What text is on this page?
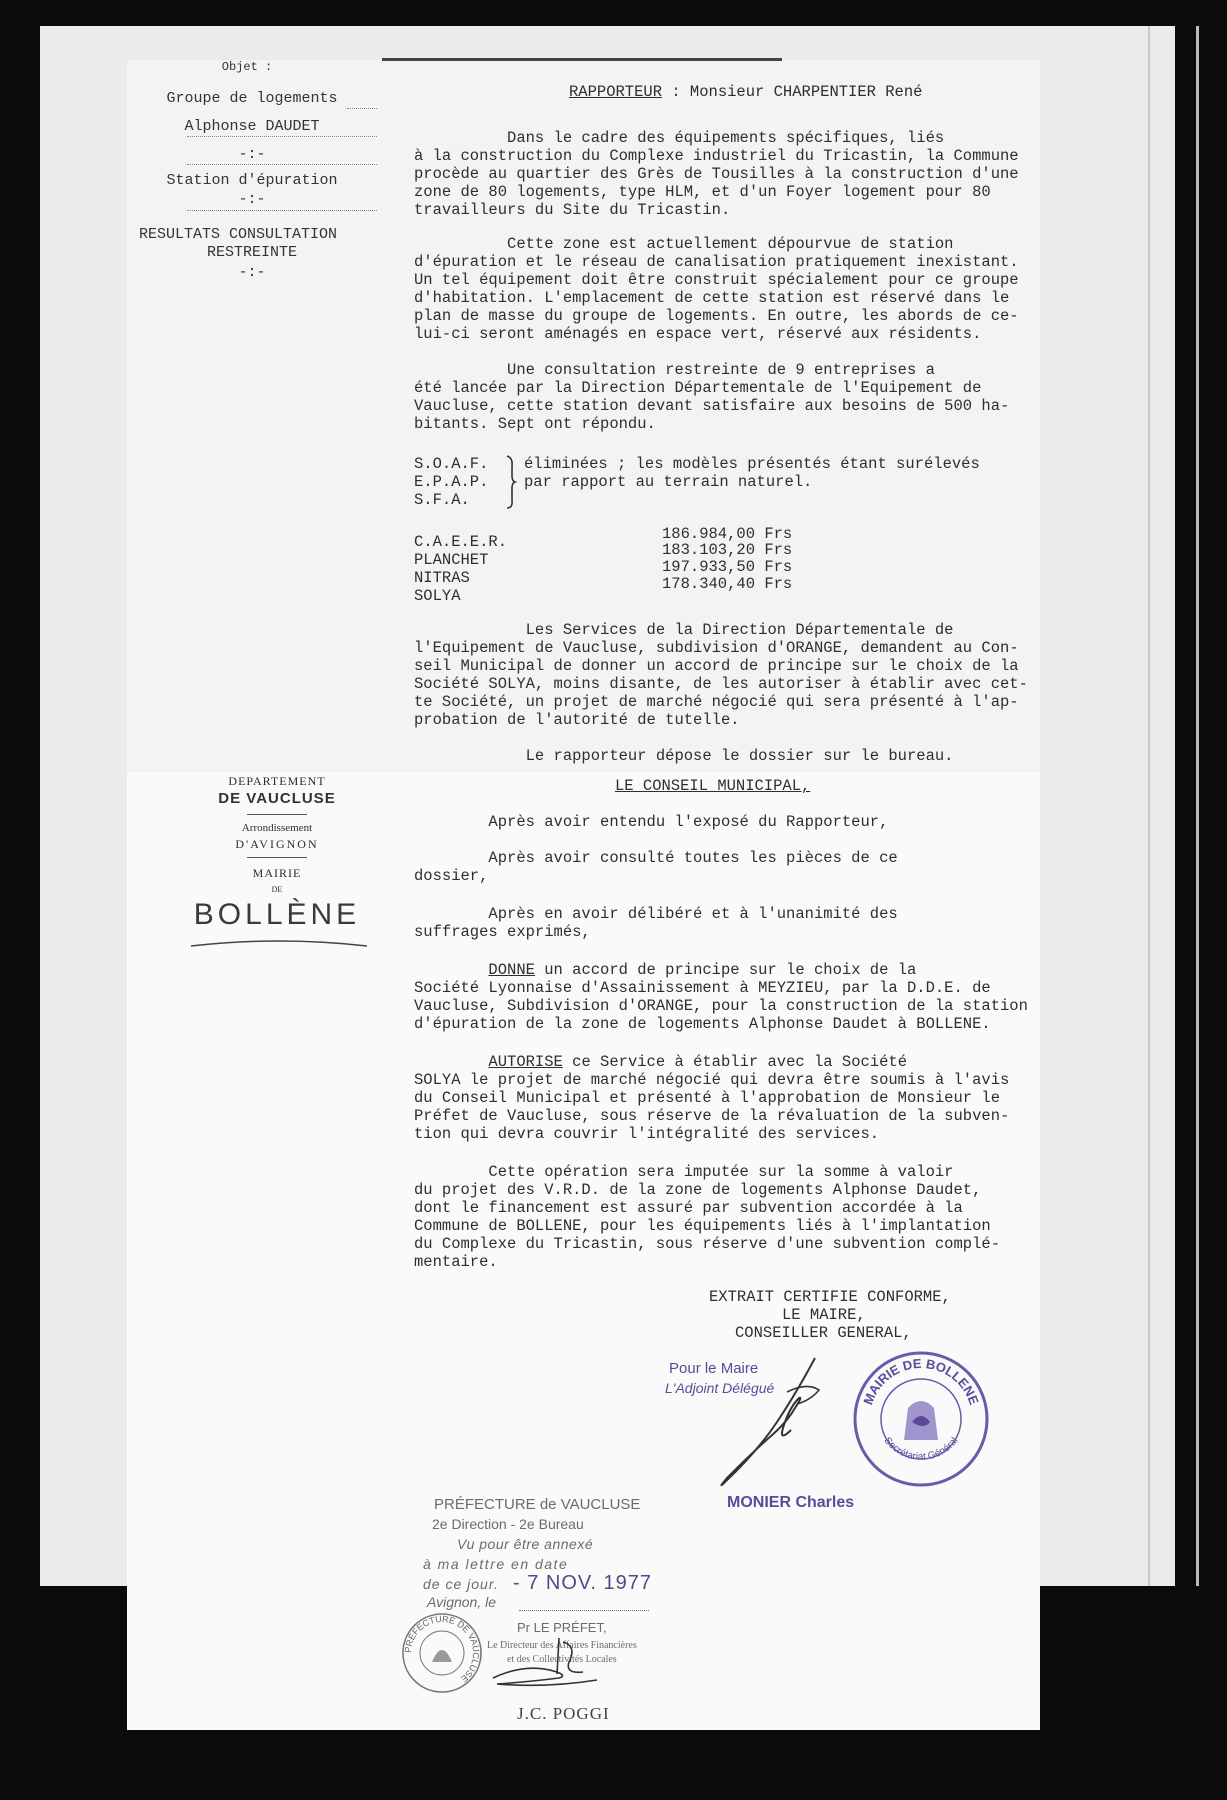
Objet :
Groupe de logements
Alphonse DAUDET
-:-
Station d'épuration
-:-
RESULTATS CONSULTATION
RESTREINTE
-:-
RAPPORTEUR : Monsieur CHARPENTIER René
Dans le cadre des équipements spécifiques, liés
à la construction du Complexe industriel du Tricastin, la Commune
procède au quartier des Grès de Tousilles à la construction d'une
zone de 80 logements, type HLM, et d'un Foyer logement pour 80
travailleurs du Site du Tricastin.
Cette zone est actuellement dépourvue de station
d'épuration et le réseau de canalisation pratiquement inexistant.
Un tel équipement doit être construit spécialement pour ce groupe
d'habitation. L'emplacement de cette station est réservé dans le
plan de masse du groupe de logements. En outre, les abords de ce-
lui-ci seront aménagés en espace vert, réservé aux résidents.
Une consultation restreinte de 9 entreprises a
été lancée par la Direction Départementale de l'Equipement de
Vaucluse, cette station devant satisfaire aux besoins de 500 ha-
bitants. Sept ont répondu.
S.O.A.F.
E.P.A.P.
S.F.A.
éliminées ; les modèles présentés étant surélevés
par rapport au terrain naturel.
C.A.E.E.R.	186.984,00 Frs
PLANCHET
183.103,20 Frs
NITRAS
197.933,50 Frs
SOLYA
178.340,40 Frs
Les Services de la Direction Départementale de
l'Equipement de Vaucluse, subdivision d'ORANGE, demandent au Con-
seil Municipal de donner un accord de principe sur le choix de la
Société SOLYA, moins disante, de les autoriser à établir avec cet-
te Société, un projet de marché négocié qui sera présenté à l'ap-
probation de l'autorité de tutelle.
Le rapporteur dépose le dossier sur le bureau.
DEPARTEMENT
DE VAUCLUSE
Arrondissement
D'AVIGNON
MAIRIE
DE
BOLLÈNE
LE CONSEIL MUNICIPAL,
Après avoir entendu l'exposé du Rapporteur,
Après avoir consulté toutes les pièces de ce
dossier,
Après en avoir délibéré et à l'unanimité des
suffrages exprimés,
DONNE un accord de principe sur le choix de la
Société Lyonnaise d'Assainissement à MEYZIEU, par la D.D.E. de
Vaucluse, Subdivision d'ORANGE, pour la construction de la station
d'épuration de la zone de logements Alphonse Daudet à BOLLENE.
AUTORISE ce Service à établir avec la Société
SOLYA le projet de marché négocié qui devra être soumis à l'avis
du Conseil Municipal et présenté à l'approbation de Monsieur le
Préfet de Vaucluse, sous réserve de la révaluation de la subven-
tion qui devra couvrir l'intégralité des services.
Cette opération sera imputée sur la somme à valoir
du projet des V.R.D. de la zone de logements Alphonse Daudet,
dont le financement est assuré par subvention accordée à la
Commune de BOLLENE, pour les équipements liés à l'implantation
du Complexe du Tricastin, sous réserve d'une subvention complé-
mentaire.
EXTRAIT CERTIFIE CONFORME,
LE MAIRE,
CONSEILLER GENERAL,
Pour le Maire
L'Adjoint Délégué
MONIER Charles
MAIRIE DE BOLLENE
Secrétariat Général
PRÉFECTURE de VAUCLUSE
2e Direction - 2e Bureau
Vu pour être annexé
à ma lettre en date
de ce jour. - 7 NOV. 1977
Avignon, le
Pr LE PRÉFET,
Le Directeur des Affaires Financières
et des Collectivités Locales
PRÉFECTURE DE VAUCLUSE
J.C. POGGI
